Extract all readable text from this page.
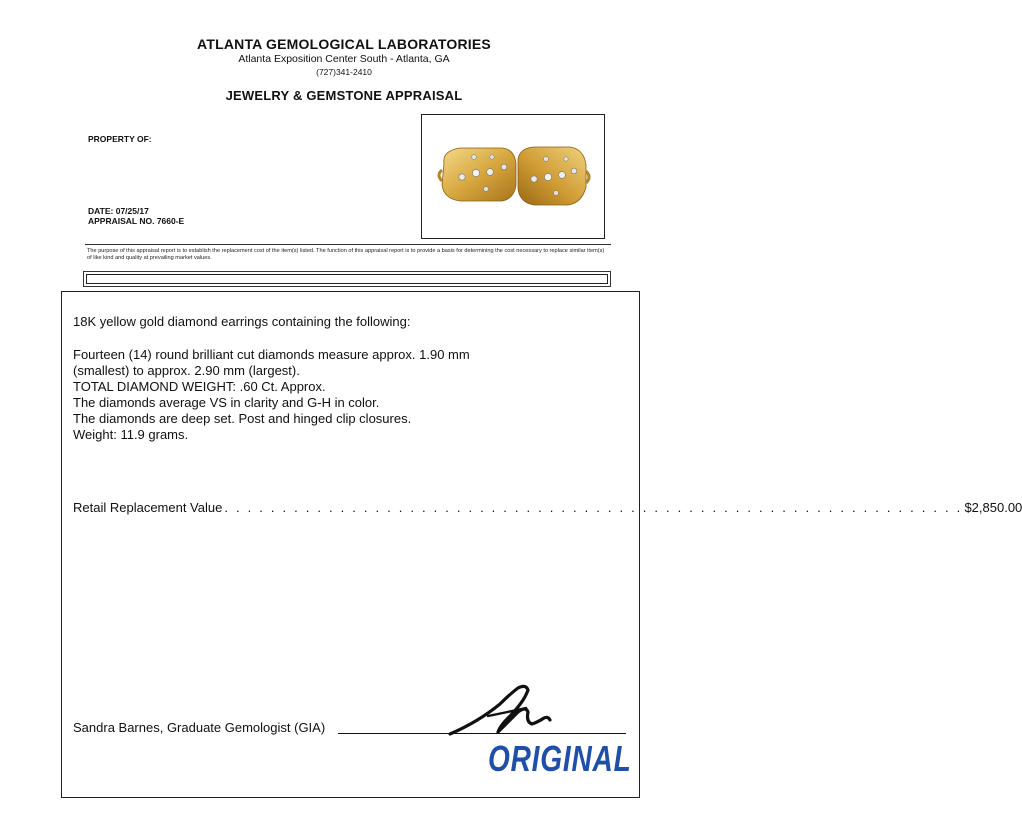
ATLANTA GEMOLOGICAL LABORATORIES
Atlanta Exposition Center South - Atlanta, GA
(727)341-2410
JEWELRY & GEMSTONE APPRAISAL
PROPERTY OF:
DATE: 07/25/17
APPRAISAL NO. 7660-E
The purpose of this appraisal report is to establish the replacement cost of the item(s) listed. The function of this appraisal report is to provide a basis for determining the cost necessary to replace similar item(s) of like kind and quality at prevailing market values.
18K yellow gold diamond earrings containing the following:
Fourteen (14) round brilliant cut diamonds measure approx. 1.90 mm
(smallest) to approx. 2.90 mm (largest).
TOTAL DIAMOND WEIGHT: .60 Ct. Approx.
The diamonds average VS in clarity and G-H in color.
The diamonds are deep set. Post and hinged clip closures.
Weight: 11.9 grams.
Retail Replacement Value . . . . . . . . . . . . . . . . . . . . . . . . . . . . . . . . . . . . . . . . . . . . . . . . . . . . . . . . . . . . . . . . $2,850.00
Sandra Barnes, Graduate Gemologist (GIA)
ORIGINAL
